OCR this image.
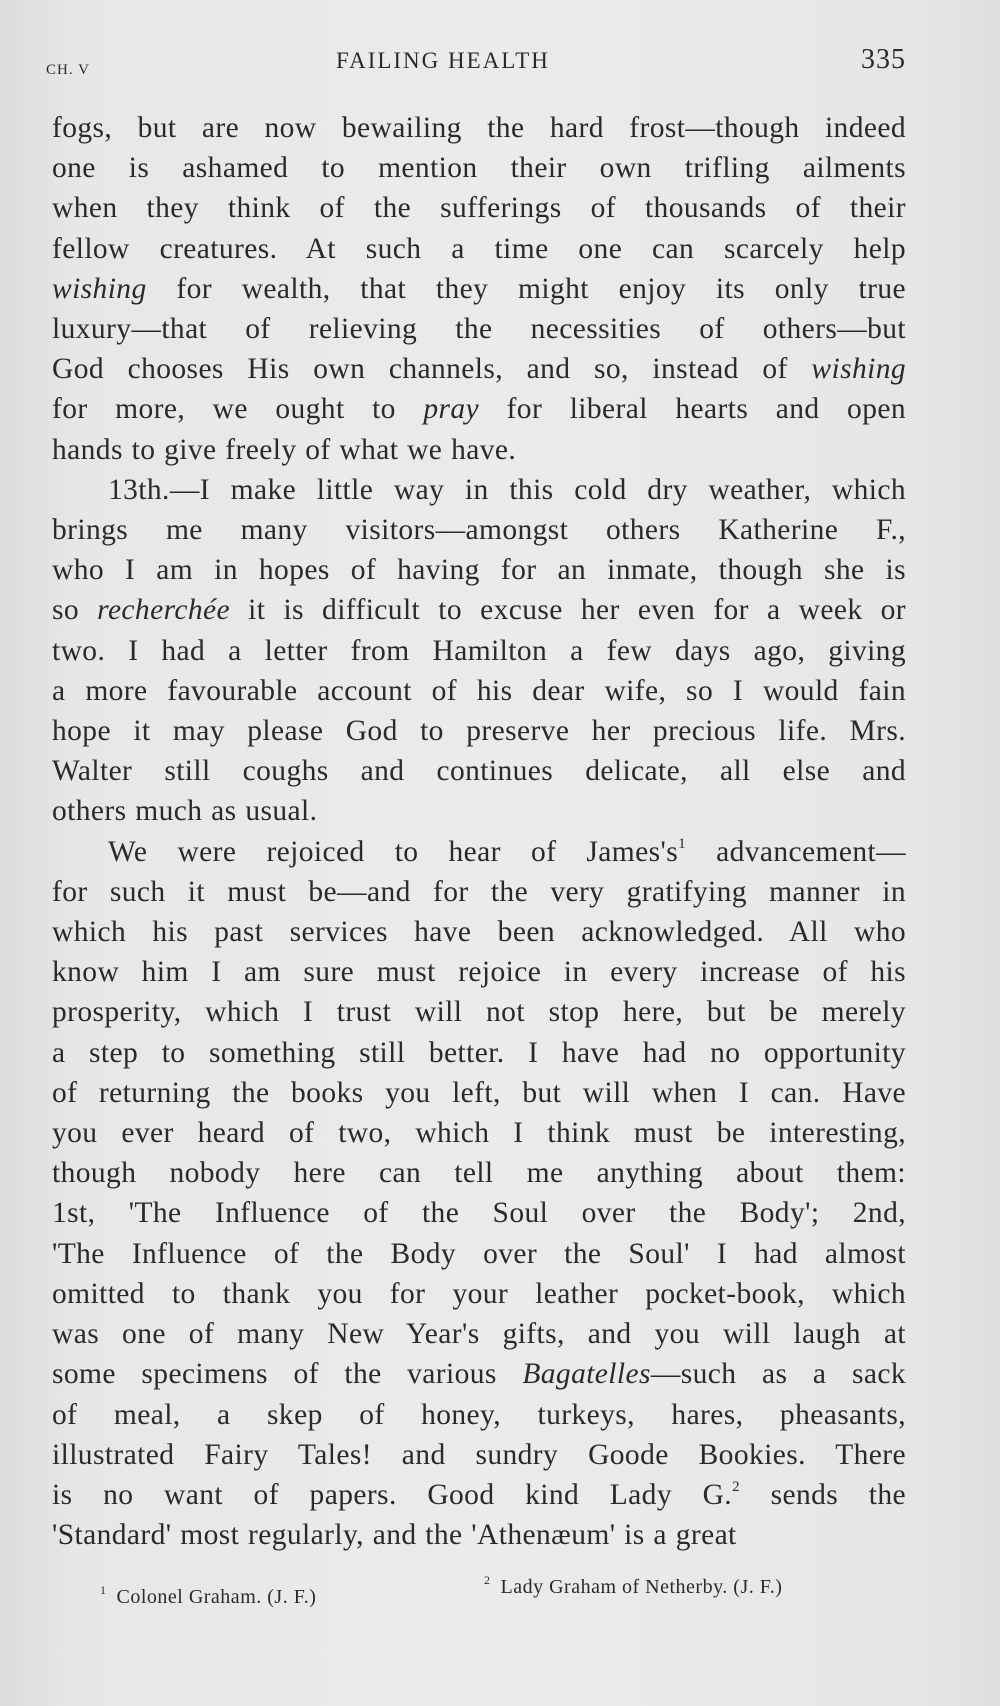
CH. V	FAILING HEALTH	335

fogs, but are now bewailing the hard frost—though indeed
one is ashamed to mention their own trifling ailments
when they think of the sufferings of thousands of their
fellow creatures. At such a time one can scarcely help
wishing for wealth, that they might enjoy its only true
luxury—that of relieving the necessities of others—but
God chooses His own channels, and so, instead of wishing
for more, we ought to pray for liberal hearts and open
hands to give freely of what we have.

13th.—I make little way in this cold dry weather, which
brings me many visitors—amongst others Katherine F.,
who I am in hopes of having for an inmate, though she is
so recherchée it is difficult to excuse her even for a week or
two. I had a letter from Hamilton a few days ago, giving
a more favourable account of his dear wife, so I would fain
hope it may please God to preserve her precious life. Mrs.
Walter still coughs and continues delicate, all else and
others much as usual.

We were rejoiced to hear of $James's^1$ advancement—
for such it must be—and for the very gratifying manner in
which his past services have been acknowledged. All who
know him I am sure must rejoice in every increase of his
prosperity, which I trust will not stop here, but be merely
a step to something still better. I have had no opportunity
of returning the books you left, but will when I can. Have
you ever heard of two, which I think must be interesting,
though nobody here can tell me anything about them:
1st, 'The Influence of the Soul over the Body'; 2nd,
'The Influence of the Body over the Soul' I had almost
omitted to thank you for your leather pocket-book, which
was one of many New Year's gifts, and you will laugh at
some specimens of the various Bagatelles—such as a sack
of meal, a skep of honey, turkeys, hares, pheasants,
illustrated Fairy Tales! and sundry Goode Bookies. There
is no want of papers. Good kind Lady G.$^2$ sends the
'Standard' most regularly, and the 'Athenæum' is a great

$^1$ Colonel Graham. (J. F.)
$^2$ Lady Graham of Netherby. (J. F.)
